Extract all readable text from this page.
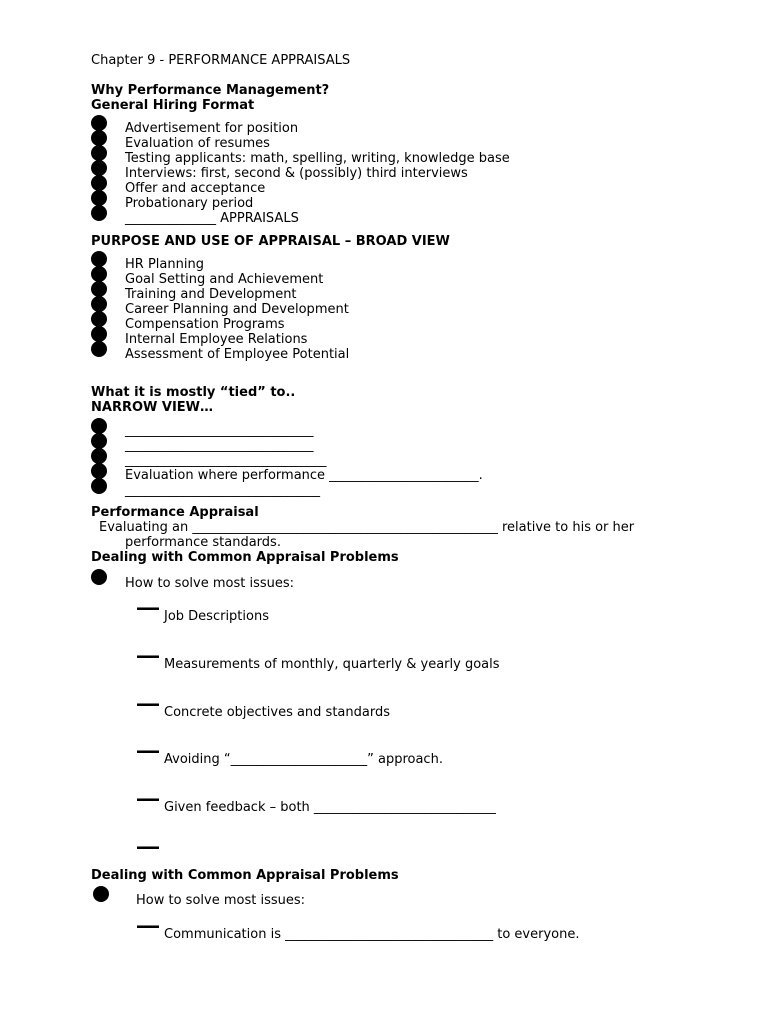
Chapter 9 - PERFORMANCE APPRAISALS
Why Performance Management?
General Hiring Format
Advertisement for position
Evaluation of resumes
Testing applicants: math, spelling, writing, knowledge base
Interviews: first, second & (possibly) third interviews
Offer and acceptance
Probationary period
______________ APPRAISALS
PURPOSE AND USE OF APPRAISAL – BROAD VIEW
HR Planning
Goal Setting and Achievement
Training and Development
Career Planning and Development
Compensation Programs
Internal Employee Relations
Assessment of Employee Potential
What it is mostly “tied” to..
NARROW VIEW…
_____________________________
_____________________________
_______________________________
Evaluation where performance _______________________.
______________________________
Performance Appraisal
Evaluating an _______________________________________________ relative to his or her
performance standards.
Dealing with Common Appraisal Problems
How to solve most issues:
Job Descriptions
Measurements of monthly, quarterly & yearly goals
Concrete objectives and standards
Avoiding “_____________________” approach.
Given feedback – both ____________________________
Dealing with Common Appraisal Problems
How to solve most issues:
Communication is ________________________________ to everyone.
